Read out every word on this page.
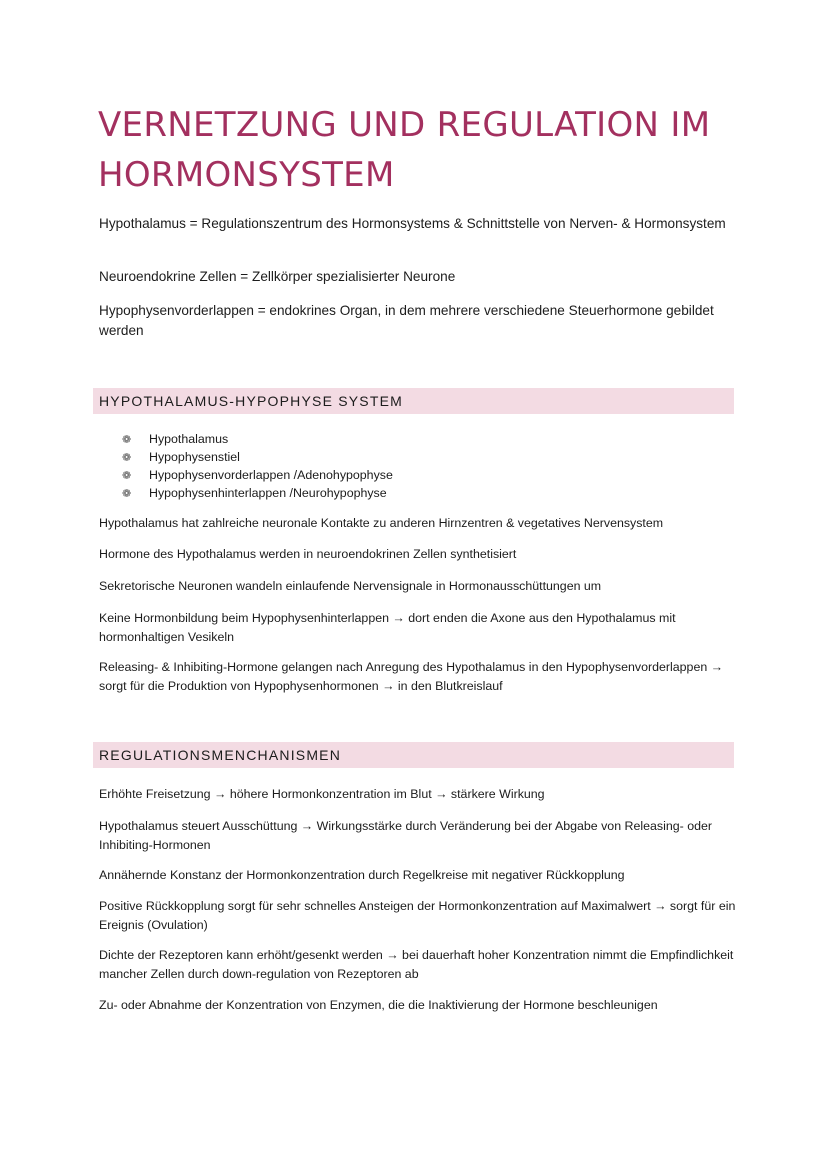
VERNETZUNG UND REGULATION IM HORMONSYSTEM

Hypothalamus = Regulationszentrum des Hormonsystems & Schnittstelle von Nerven- & Hormonsystem

Neuroendokrine Zellen = Zellkörper spezialisierter Neurone

Hypophysenvorderlappen = endokrines Organ, in dem mehrere verschiedene Steuerhormone gebildet werden

HYPOTHALAMUS-HYPOPHYSE SYSTEM
❁ Hypothalamus
❁ Hypophysenstiel
❁ Hypophysenvorderlappen /Adenohypophyse
❁ Hypophysenhinterlappen /Neurohypophyse

Hypothalamus hat zahlreiche neuronale Kontakte zu anderen Hirnzentren & vegetatives Nervensystem

Hormone des Hypothalamus werden in neuroendokrinen Zellen synthetisiert

Sekretorische Neuronen wandeln einlaufende Nervensignale in Hormonausschüttungen um

Keine Hormonbildung beim Hypophysenhinterlappen → dort enden die Axone aus den Hypothalamus mit hormonhaltigen Vesikeln

Releasing- & Inhibiting-Hormone gelangen nach Anregung des Hypothalamus in den Hypophysenvorderlappen → sorgt für die Produktion von Hypophysenhormonen → in den Blutkreislauf

REGULATIONSMENCHANISMEN

Erhöhte Freisetzung → höhere Hormonkonzentration im Blut → stärkere Wirkung

Hypothalamus steuert Ausschüttung → Wirkungsstärke durch Veränderung bei der Abgabe von Releasing- oder Inhibiting-Hormonen

Annähernde Konstanz der Hormonkonzentration durch Regelkreise mit negativer Rückkopplung

Positive Rückkopplung sorgt für sehr schnelles Ansteigen der Hormonkonzentration auf Maximalwert → sorgt für ein Ereignis (Ovulation)

Dichte der Rezeptoren kann erhöht/gesenkt werden → bei dauerhaft hoher Konzentration nimmt die Empfindlichkeit mancher Zellen durch down-regulation von Rezeptoren ab

Zu- oder Abnahme der Konzentration von Enzymen, die die Inaktivierung der Hormone beschleunigen
